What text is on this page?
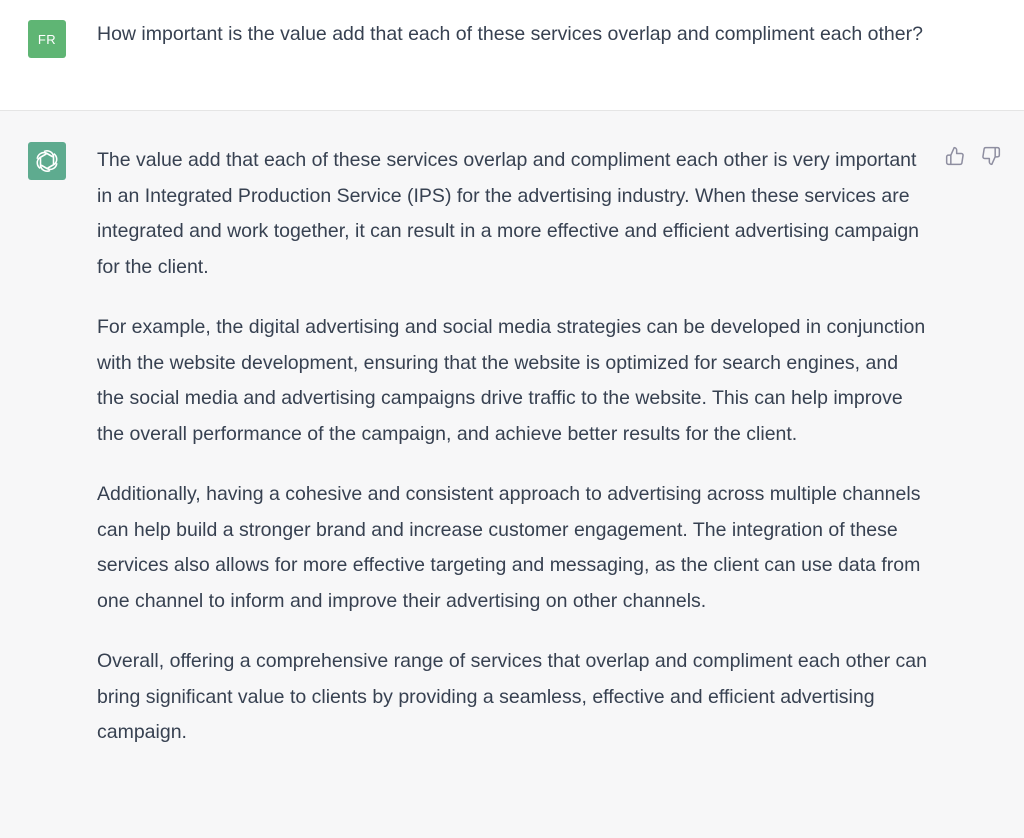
FR	How important is the value add that each of these services overlap and compliment each other?

The value add that each of these services overlap and compliment each other is very important in an Integrated Production Service (IPS) for the advertising industry. When these services are integrated and work together, it can result in a more effective and efficient advertising campaign for the client.

For example, the digital advertising and social media strategies can be developed in conjunction with the website development, ensuring that the website is optimized for search engines, and the social media and advertising campaigns drive traffic to the website. This can help improve the overall performance of the campaign, and achieve better results for the client.

Additionally, having a cohesive and consistent approach to advertising across multiple channels can help build a stronger brand and increase customer engagement. The integration of these services also allows for more effective targeting and messaging, as the client can use data from one channel to inform and improve their advertising on other channels.

Overall, offering a comprehensive range of services that overlap and compliment each other can bring significant value to clients by providing a seamless, effective and efficient advertising campaign.
